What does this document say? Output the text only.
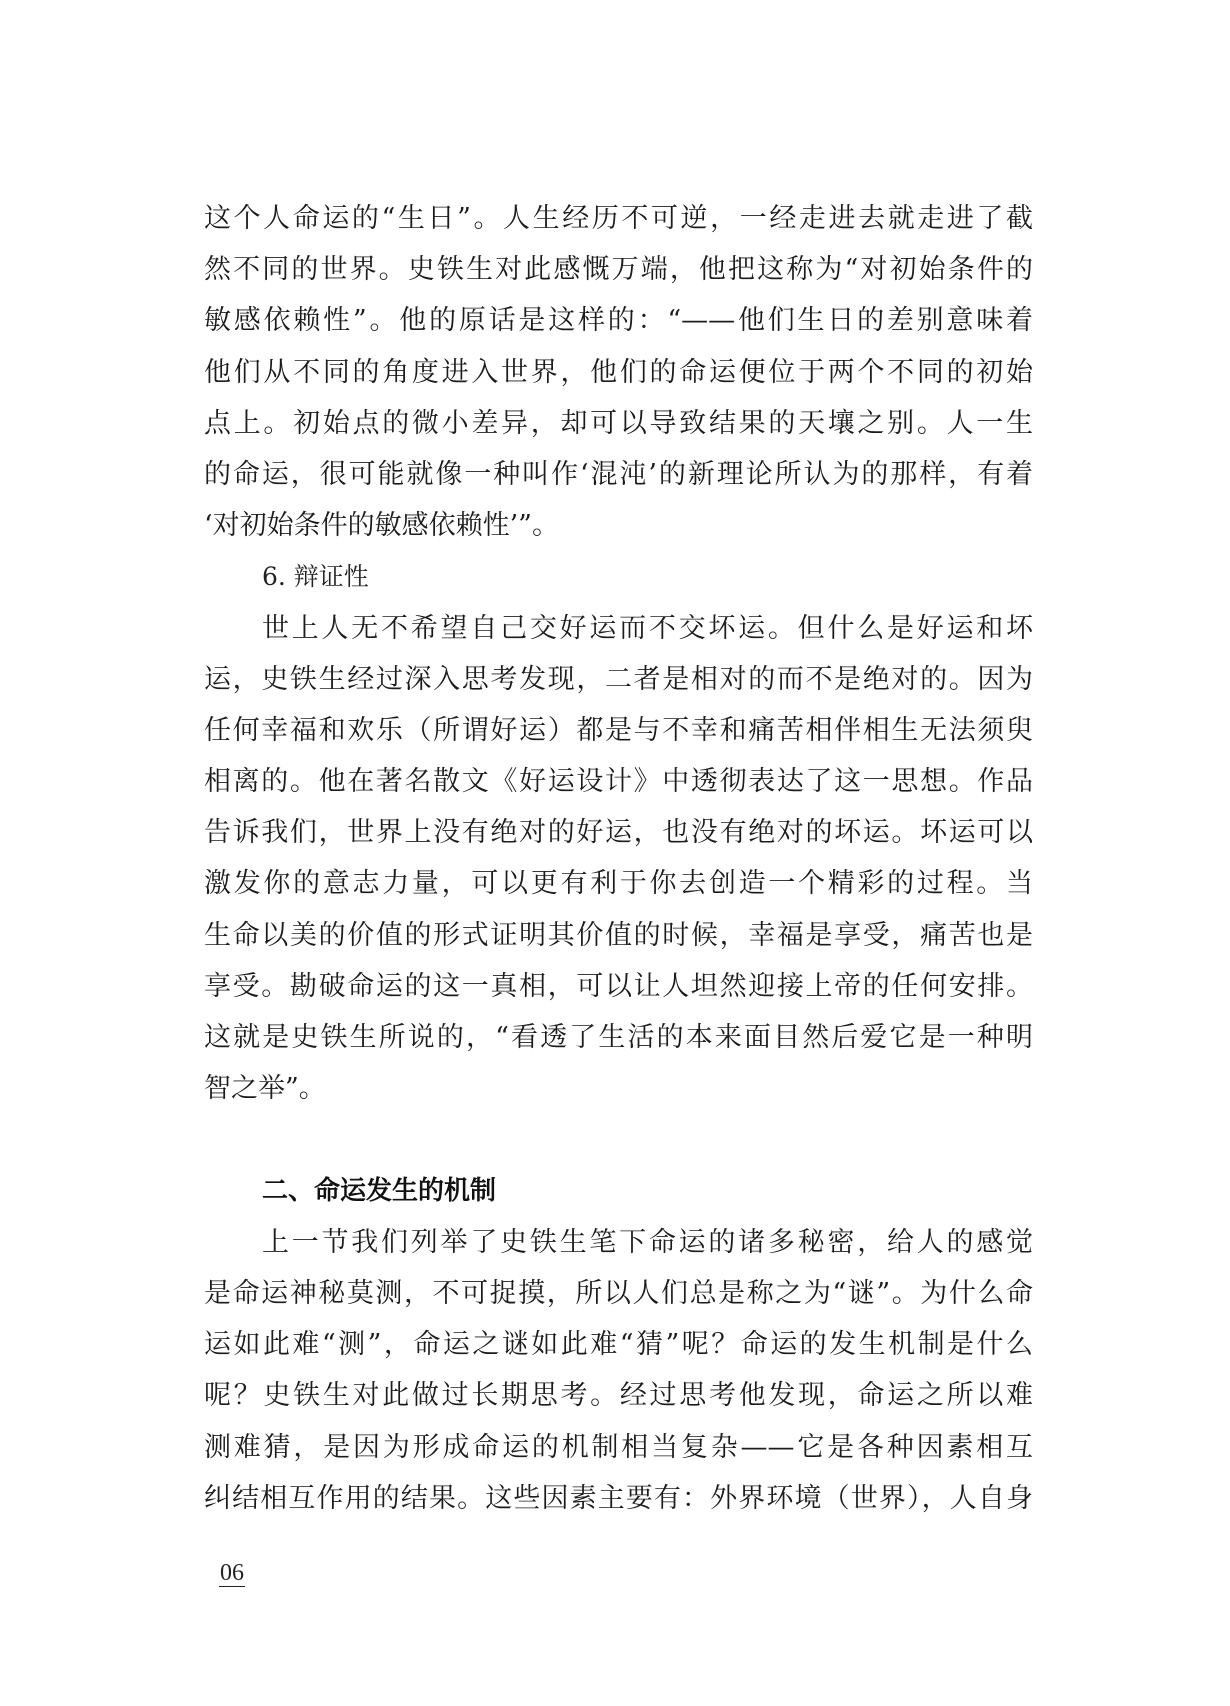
这个人命运的“生日”。人生经历不可逆，一经走进去就走进了截
然不同的世界。史铁生对此感慨万端，他把这称为“对初始条件的
敏感依赖性”。他的原话是这样的：“——他们生日的差别意味着
他们从不同的角度进入世界，他们的命运便位于两个不同的初始
点上。初始点的微小差异，却可以导致结果的天壤之别。人一生
的命运，很可能就像一种叫作‘混沌’的新理论所认为的那样，有着
‘对初始条件的敏感依赖性’”。
6. 辩证性
世上人无不希望自己交好运而不交坏运。但什么是好运和坏
运，史铁生经过深入思考发现，二者是相对的而不是绝对的。因为
任何幸福和欢乐（所谓好运）都是与不幸和痛苦相伴相生无法须臾
相离的。他在著名散文《好运设计》中透彻表达了这一思想。作品
告诉我们，世界上没有绝对的好运，也没有绝对的坏运。坏运可以
激发你的意志力量，可以更有利于你去创造一个精彩的过程。当
生命以美的价值的形式证明其价值的时候，幸福是享受，痛苦也是
享受。勘破命运的这一真相，可以让人坦然迎接上帝的任何安排。
这就是史铁生所说的，“看透了生活的本来面目然后爱它是一种明
智之举”。
二、命运发生的机制
上一节我们列举了史铁生笔下命运的诸多秘密，给人的感觉
是命运神秘莫测，不可捉摸，所以人们总是称之为“谜”。为什么命
运如此难“测”，命运之谜如此难“猜”呢？命运的发生机制是什么
呢？史铁生对此做过长期思考。经过思考他发现，命运之所以难
测难猜，是因为形成命运的机制相当复杂——它是各种因素相互
纠结相互作用的结果。这些因素主要有：外界环境（世界），人自身
06
